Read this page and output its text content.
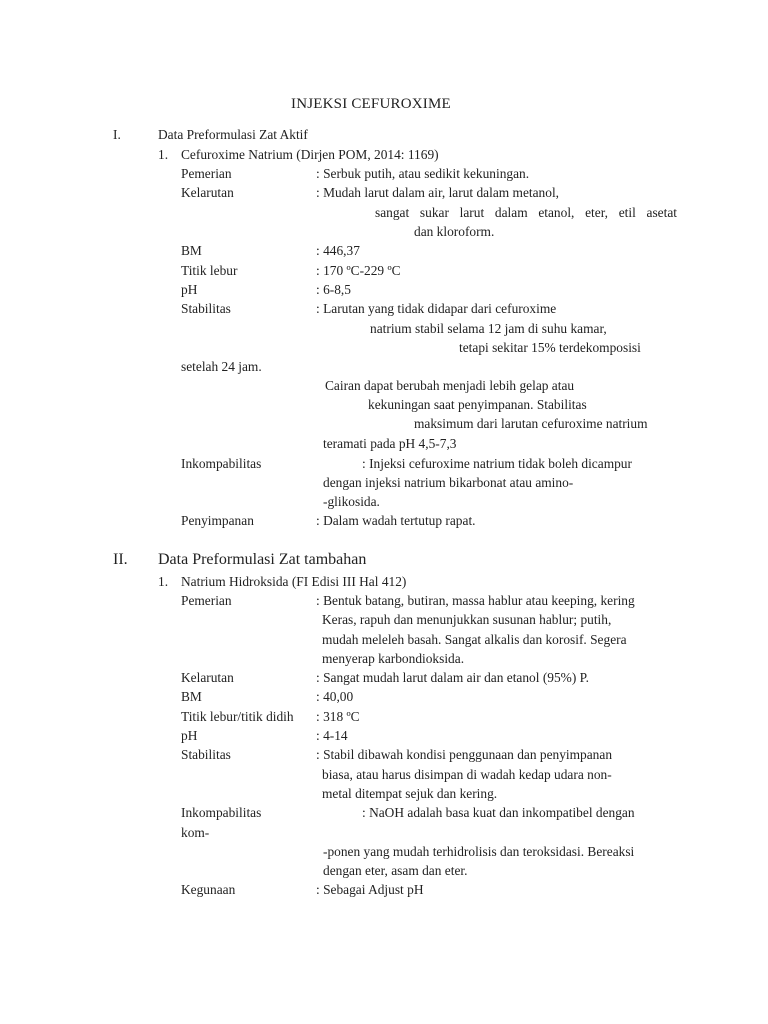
INJEKSI CEFUROXIME
I.	Data Preformulasi Zat Aktif
1. Cefuroxime Natrium (Dirjen POM, 2014: 1169)
Pemerian	: Serbuk putih, atau sedikit kekuningan.
Kelarutan	: Mudah larut dalam air, larut dalam metanol,
sangat sukar larut dalam etanol, eter, etil asetat
dan kloroform.
BM	: 446,37
Titik lebur	: 170 ºC-229 ºC
pH	: 6-8,5
Stabilitas	: Larutan yang tidak didapar dari cefuroxime
natrium stabil selama 12 jam di suhu kamar,
tetapi sekitar 15% terdekomposisi
setelah 24 jam.
Cairan dapat berubah menjadi lebih gelap atau
kekuningan saat penyimpanan. Stabilitas
maksimum dari larutan cefuroxime natrium
teramati pada pH 4,5-7,3
Inkompabilitas	: Injeksi cefuroxime natrium tidak boleh dicampur
dengan injeksi natrium bikarbonat atau amino-
-glikosida.
Penyimpanan	: Dalam wadah tertutup rapat.
II. Data Preformulasi Zat tambahan
1. Natrium Hidroksida (FI Edisi III Hal 412)
Pemerian	: Bentuk batang, butiran, massa hablur atau keeping, kering
Keras, rapuh dan menunjukkan susunan hablur; putih,
mudah meleleh basah. Sangat alkalis dan korosif. Segera
menyerap karbondioksida.
Kelarutan	: Sangat mudah larut dalam air dan etanol (95%) P.
BM	: 40,00
Titik lebur/titik didih : 318 ºC
pH	: 4-14
Stabilitas	: Stabil dibawah kondisi penggunaan dan penyimpanan
biasa, atau harus disimpan di wadah kedap udara non-
metal ditempat sejuk dan kering.
Inkompabilitas	: NaOH adalah basa kuat dan inkompatibel dengan
kom-
-ponen yang mudah terhidrolisis dan teroksidasi. Bereaksi
dengan eter, asam dan eter.
Kegunaan	: Sebagai Adjust pH
